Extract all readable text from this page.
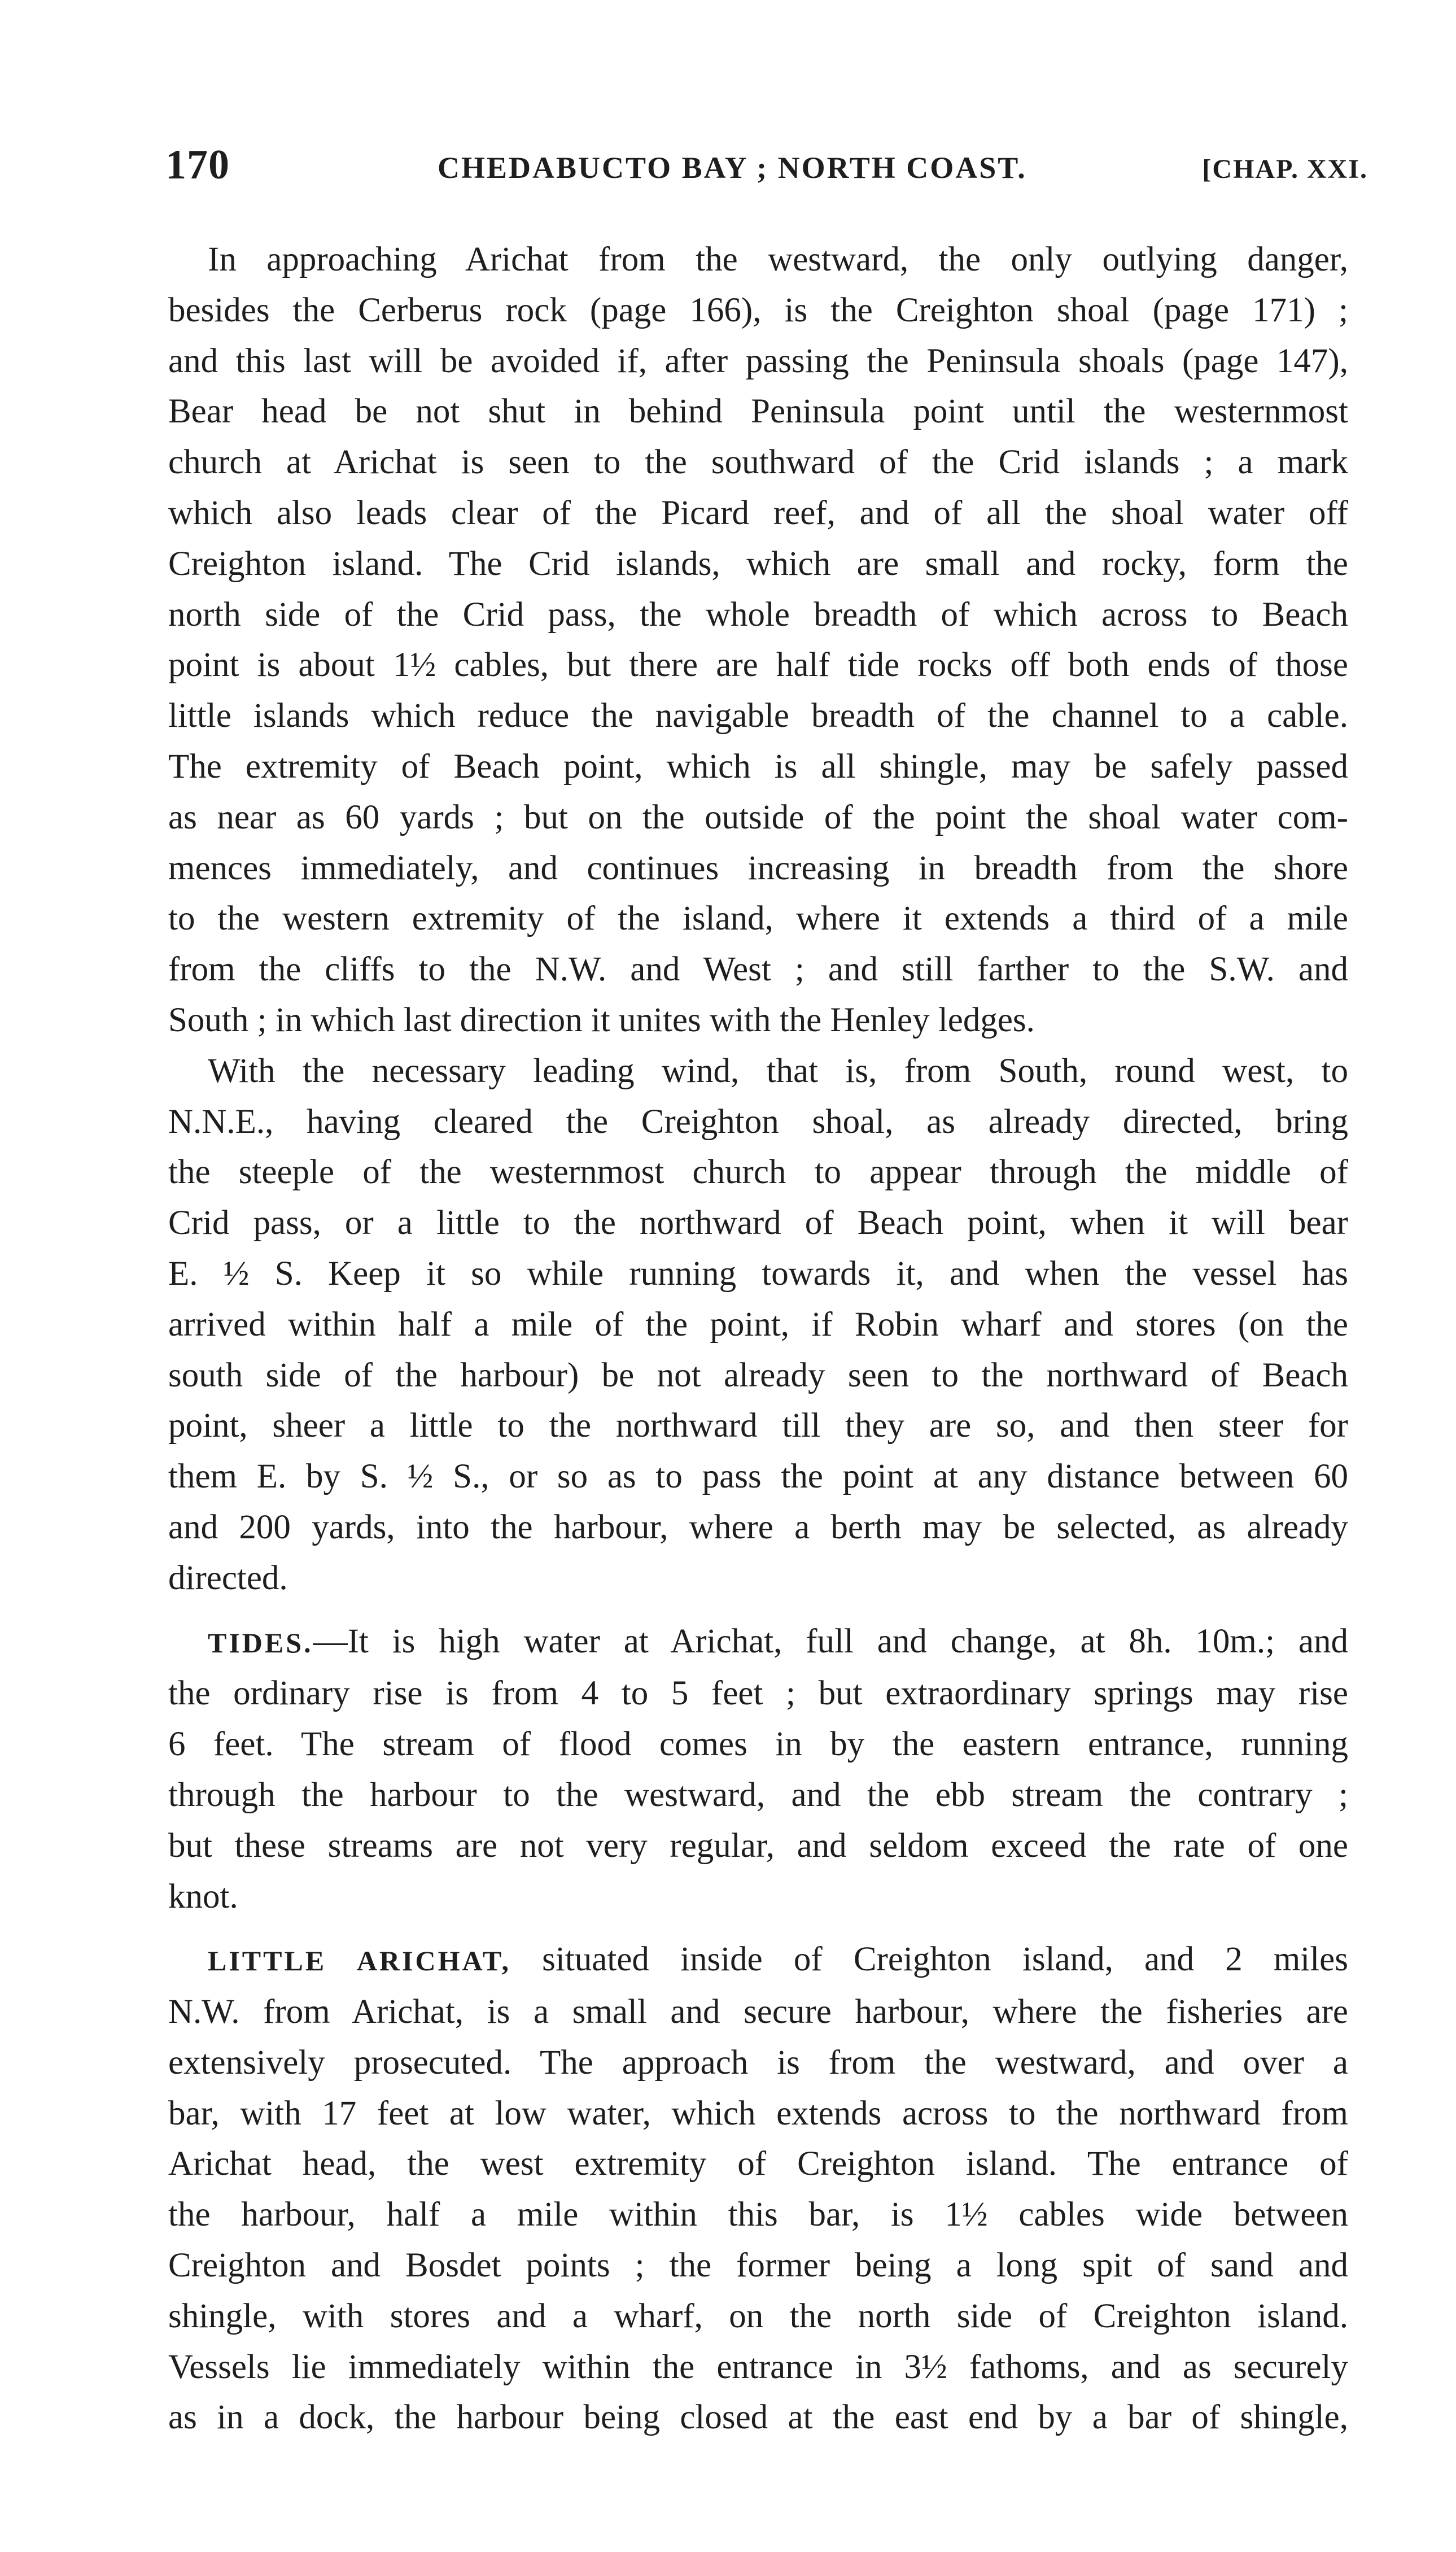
170	CHEDABUCTO BAY ; NORTH COAST.	[CHAP. XXI.
In approaching Arichat from the westward, the only outlying danger,
besides the Cerberus rock (page 166), is the Creighton shoal (page 171) ;
and this last will be avoided if, after passing the Peninsula shoals (page 147),
Bear head be not shut in behind Peninsula point until the westernmost
church at Arichat is seen to the southward of the Crid islands ; a mark
which also leads clear of the Picard reef, and of all the shoal water off
Creighton island. The Crid islands, which are small and rocky, form the
north side of the Crid pass, the whole breadth of which across to Beach
point is about 1½ cables, but there are half tide rocks off both ends of those
little islands which reduce the navigable breadth of the channel to a cable.
The extremity of Beach point, which is all shingle, may be safely passed
as near as 60 yards ; but on the outside of the point the shoal water com-
mences immediately, and continues increasing in breadth from the shore
to the western extremity of the island, where it extends a third of a mile
from the cliffs to the N.W. and West ; and still farther to the S.W. and
South ; in which last direction it unites with the Henley ledges.
With the necessary leading wind, that is, from South, round west, to
N.N.E., having cleared the Creighton shoal, as already directed, bring
the steeple of the westernmost church to appear through the middle of
Crid pass, or a little to the northward of Beach point, when it will bear
E. ½ S. Keep it so while running towards it, and when the vessel has
arrived within half a mile of the point, if Robin wharf and stores (on the
south side of the harbour) be not already seen to the northward of Beach
point, sheer a little to the northward till they are so, and then steer for
them E. by S. ½ S., or so as to pass the point at any distance between 60
and 200 yards, into the harbour, where a berth may be selected, as already
directed.
TIDES.—It is high water at Arichat, full and change, at 8h. 10m.; and
the ordinary rise is from 4 to 5 feet ; but extraordinary springs may rise
6 feet. The stream of flood comes in by the eastern entrance, running
through the harbour to the westward, and the ebb stream the contrary ;
but these streams are not very regular, and seldom exceed the rate of one
knot.
LITTLE ARICHAT, situated inside of Creighton island, and 2 miles
N.W. from Arichat, is a small and secure harbour, where the fisheries are
extensively prosecuted. The approach is from the westward, and over a
bar, with 17 feet at low water, which extends across to the northward from
Arichat head, the west extremity of Creighton island. The entrance of
the harbour, half a mile within this bar, is 1½ cables wide between
Creighton and Bosdet points ; the former being a long spit of sand and
shingle, with stores and a wharf, on the north side of Creighton island.
Vessels lie immediately within the entrance in 3½ fathoms, and as securely
as in a dock, the harbour being closed at the east end by a bar of shingle,
